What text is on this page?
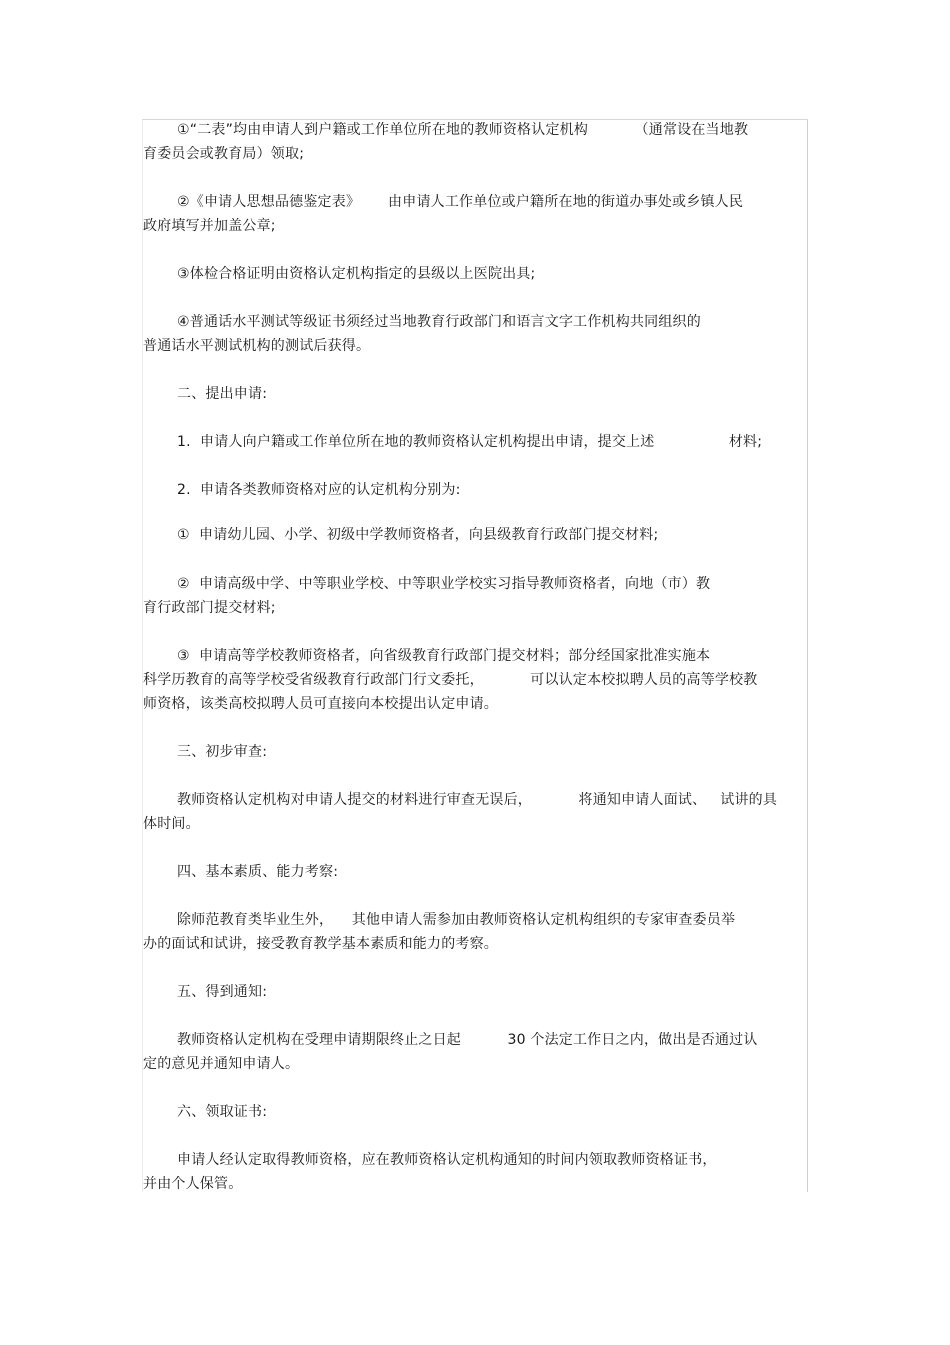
①“二表”均由申请人到户籍或工作单位所在地的教师资格认定机构          （通常设在当地教
育委员会或教育局）领取;
②《申请人思想品德鉴定表》      由申请人工作单位或户籍所在地的街道办事处或乡镇人民
政府填写并加盖公章;
③体检合格证明由资格认定机构指定的县级以上医院出具;
④普通话水平测试等级证书须经过当地教育行政部门和语言文字工作机构共同组织的
普通话水平测试机构的测试后获得。
二、提出申请:
1.  申请人向户籍或工作单位所在地的教师资格认定机构提出申请，提交上述                材料;
2.  申请各类教师资格对应的认定机构分别为:
①  申请幼儿园、小学、初级中学教师资格者，向县级教育行政部门提交材料;
②  申请高级中学、中等职业学校、中等职业学校实习指导教师资格者，向地（市）教
育行政部门提交材料;
③  申请高等学校教师资格者，向省级教育行政部门提交材料；部分经国家批准实施本
科学历教育的高等学校受省级教育行政部门行文委托，          可以认定本校拟聘人员的高等学校教
师资格，该类高校拟聘人员可直接向本校提出认定申请。
三、初步审查:
教师资格认定机构对申请人提交的材料进行审查无误后，          将通知申请人面试、   试讲的具
体时间。
四、基本素质、能力考察:
除师范教育类毕业生外，    其他申请人需参加由教师资格认定机构组织的专家审查委员举
办的面试和试讲，接受教育教学基本素质和能力的考察。
五、得到通知:
教师资格认定机构在受理申请期限终止之日起          30 个法定工作日之内，做出是否通过认
定的意见并通知申请人。
六、领取证书:
申请人经认定取得教师资格，应在教师资格认定机构通知的时间内领取教师资格证书，
并由个人保管。
